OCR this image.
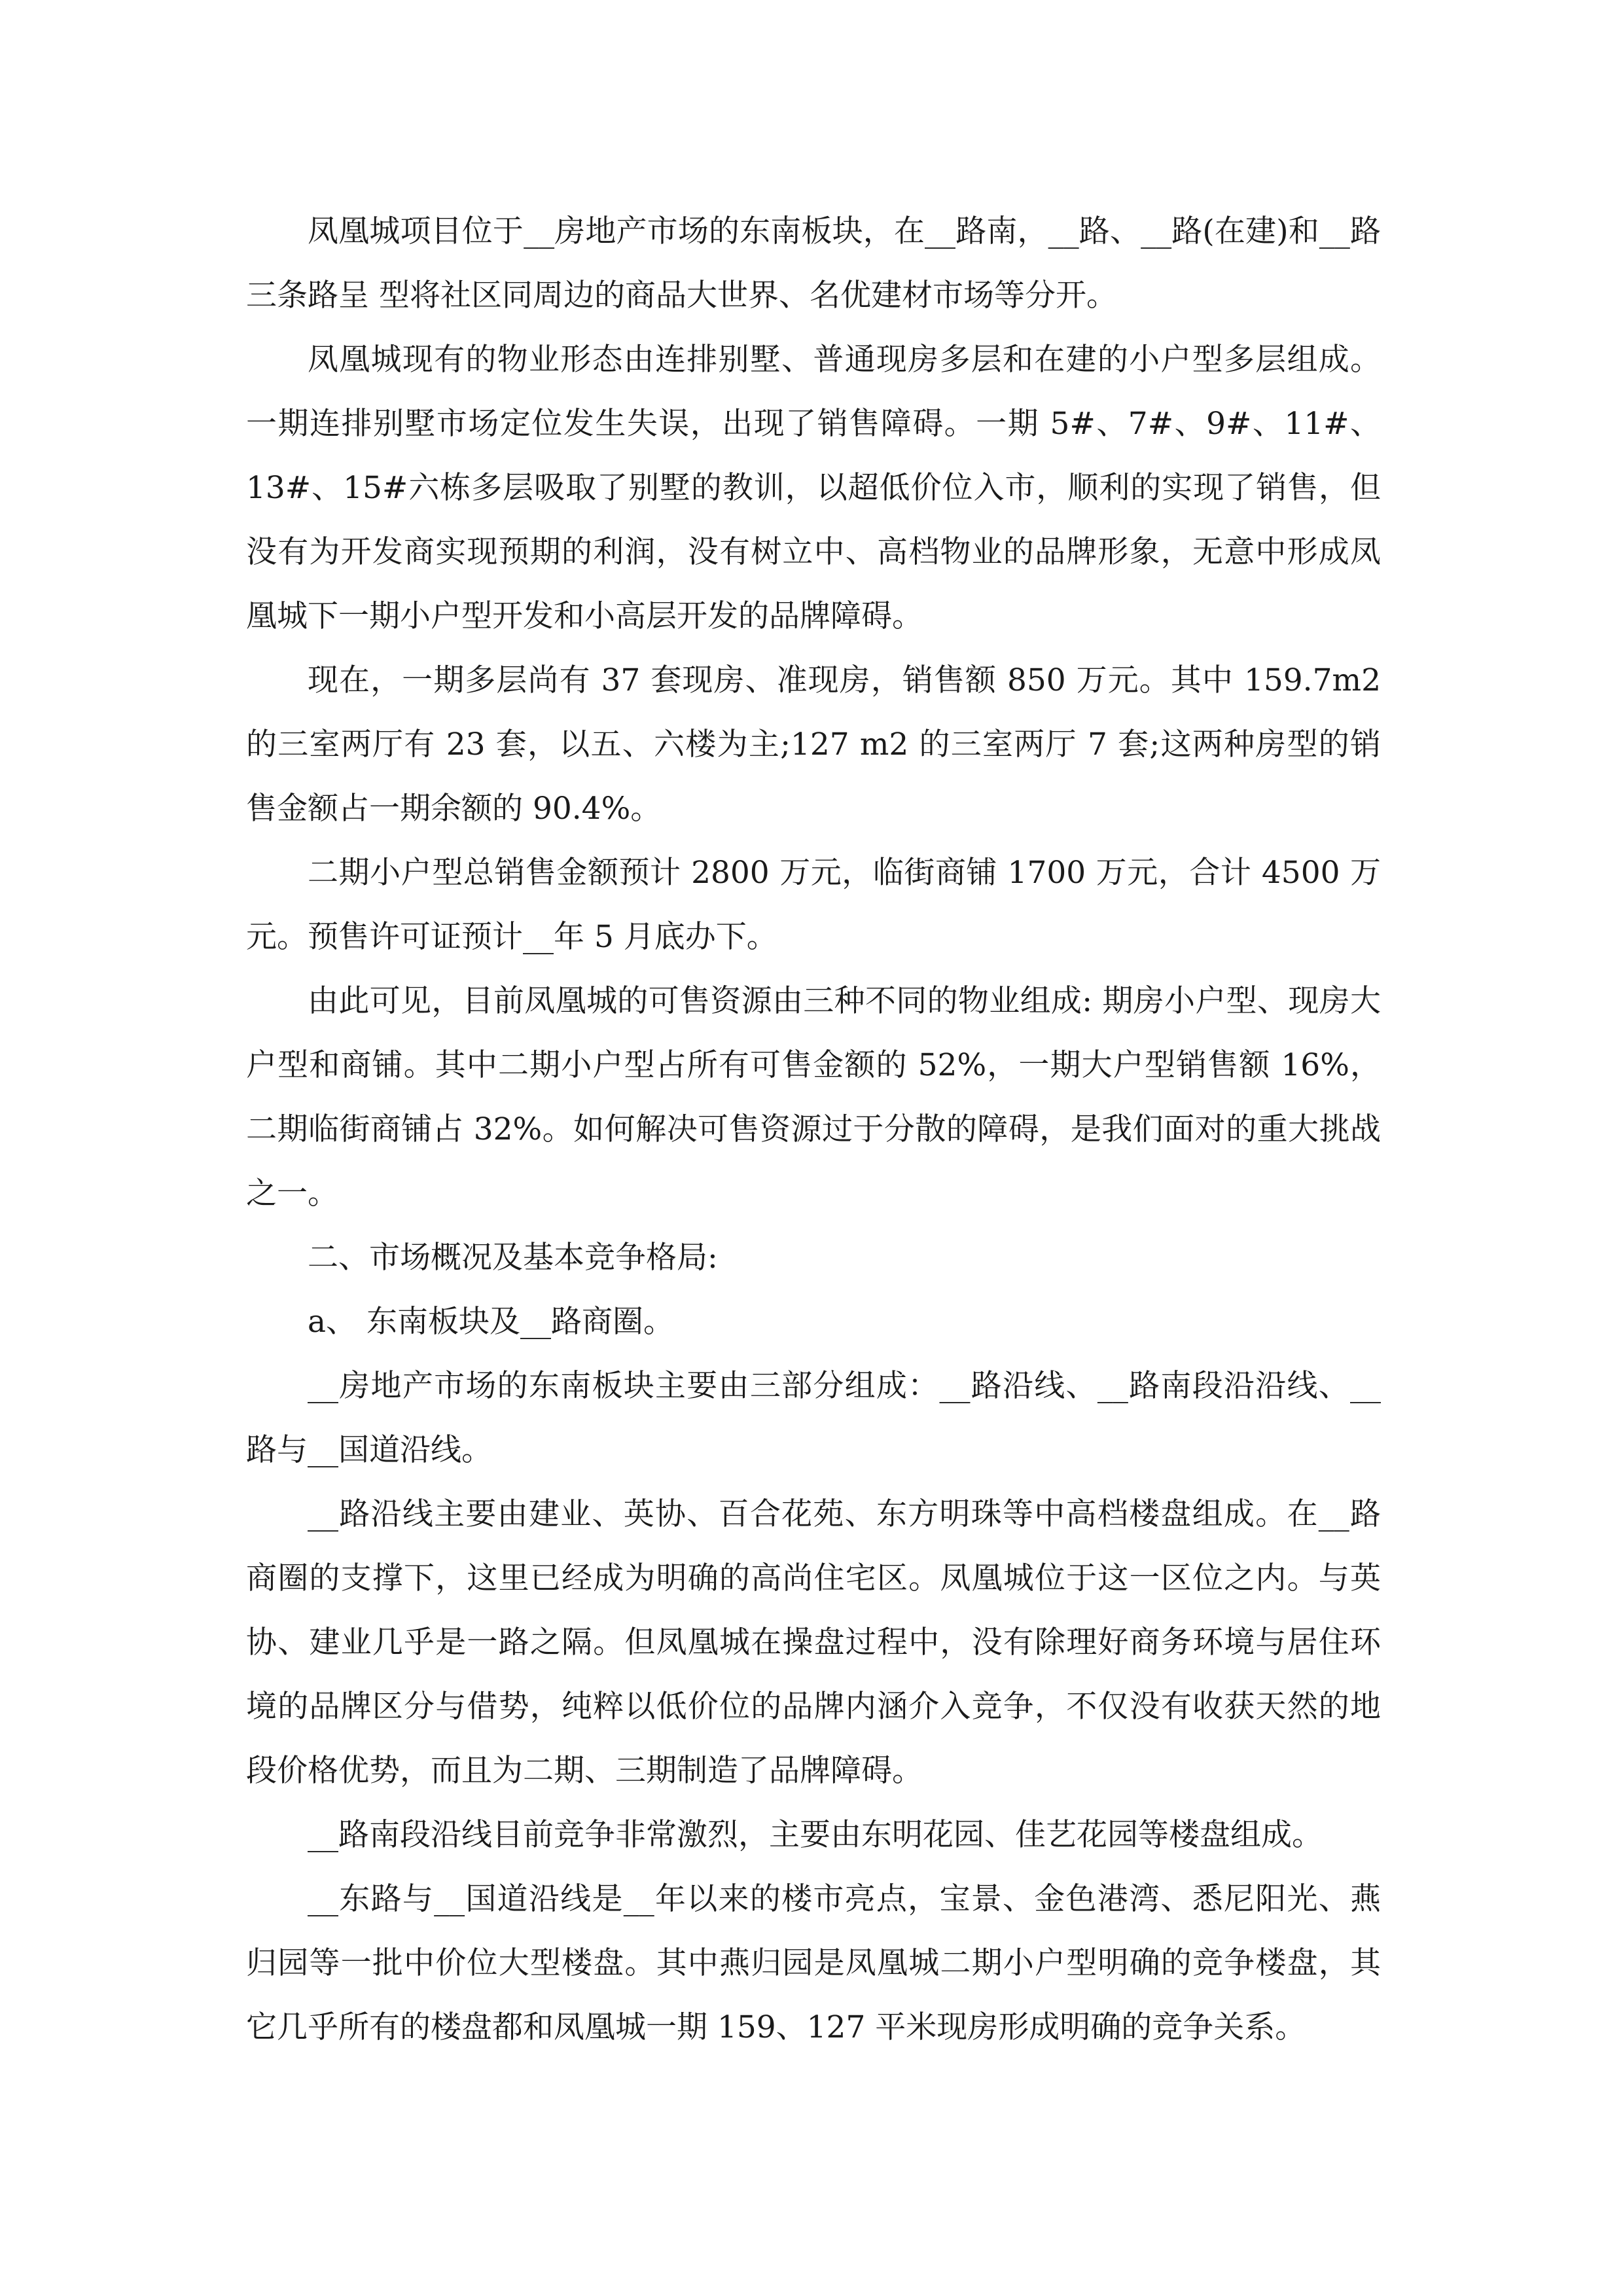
凤凰城项目位于__房地产市场的东南板块，在__路南，__路、__路(在建)和__路三条路呈 型将社区同周边的商品大世界、名优建材市场等分开。

凤凰城现有的物业形态由连排别墅、普通现房多层和在建的小户型多层组成。一期连排别墅市场定位发生失误，出现了销售障碍。一期 5#、7#、9#、11#、13#、15#六栋多层吸取了别墅的教训，以超低价位入市，顺利的实现了销售，但没有为开发商实现预期的利润，没有树立中、高档物业的品牌形象，无意中形成凤凰城下一期小户型开发和小高层开发的品牌障碍。

现在，一期多层尚有 37 套现房、准现房，销售额 850 万元。其中 159.7m2 的三室两厅有 23 套，以五、六楼为主;127 m2 的三室两厅 7 套;这两种房型的销售金额占一期余额的 90.4%。

二期小户型总销售金额预计 2800 万元，临街商铺 1700 万元，合计 4500 万元。预售许可证预计__年 5 月底办下。

由此可见，目前凤凰城的可售资源由三种不同的物业组成: 期房小户型、现房大户型和商铺。其中二期小户型占所有可售金额的 52%，一期大户型销售额 16%，二期临街商铺占 32%。如何解决可售资源过于分散的障碍，是我们面对的重大挑战之一。

二、市场概况及基本竞争格局:

a、 东南板块及__路商圈。

__房地产市场的东南板块主要由三部分组成：__路沿线、__路南段沿沿线、__路与__国道沿线。

__路沿线主要由建业、英协、百合花苑、东方明珠等中高档楼盘组成。在__路商圈的支撑下，这里已经成为明确的高尚住宅区。凤凰城位于这一区位之内。与英协、建业几乎是一路之隔。但凤凰城在操盘过程中，没有除理好商务环境与居住环境的品牌区分与借势，纯粹以低价位的品牌内涵介入竞争，不仅没有收获天然的地段价格优势，而且为二期、三期制造了品牌障碍。

__路南段沿线目前竞争非常激烈，主要由东明花园、佳艺花园等楼盘组成。

__东路与__国道沿线是__年以来的楼市亮点，宝景、金色港湾、悉尼阳光、燕归园等一批中价位大型楼盘。其中燕归园是凤凰城二期小户型明确的竞争楼盘，其它几乎所有的楼盘都和凤凰城一期 159、127 平米现房形成明确的竞争关系。
